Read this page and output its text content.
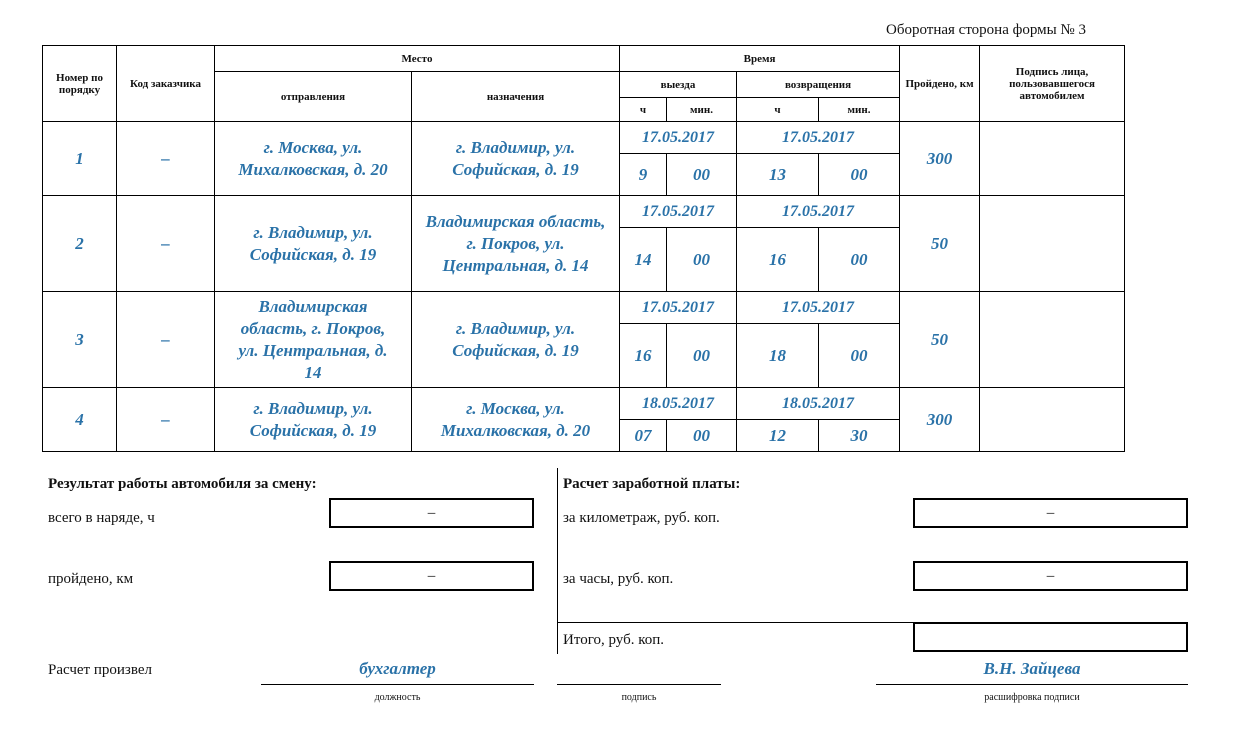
Оборотная сторона формы № 3
Номер по порядку	Код заказчика	Место		Время				Пройдено, км	Подпись лица, пользовавшегося автомобилем
		отправления	назначения	выезда		возвращения			
				ч	мин.	ч	мин.		
1	–	г. Москва, ул. Михалковская, д. 20	г. Владимир, ул. Софийская, д. 19	17.05.2017		17.05.2017		300	
				9	00	13	00		
2	–	г. Владимир, ул. Софийская, д. 19	Владимирская область, г. Покров, ул. Центральная, д. 14	17.05.2017		17.05.2017		50	
				14	00	16	00		
3	–	Владимирская область, г. Покров, ул. Центральная, д. 14	г. Владимир, ул. Софийская, д. 19	17.05.2017		17.05.2017		50	
				16	00	18	00		
4	–	г. Владимир, ул. Софийская, д. 19	г. Москва, ул. Михалковская, д. 20	18.05.2017		18.05.2017		300	
				07	00	12	30		
Результат работы автомобиля за смену:
всего в наряде, ч	–
пройдено, км	–
Расчет заработной платы:
за километраж, руб. коп.	–
за часы, руб. коп.	–
Итого, руб. коп.
Расчет произвел	бухгалтер	В.Н. Зайцева
должность	подпись	расшифровка подписи
